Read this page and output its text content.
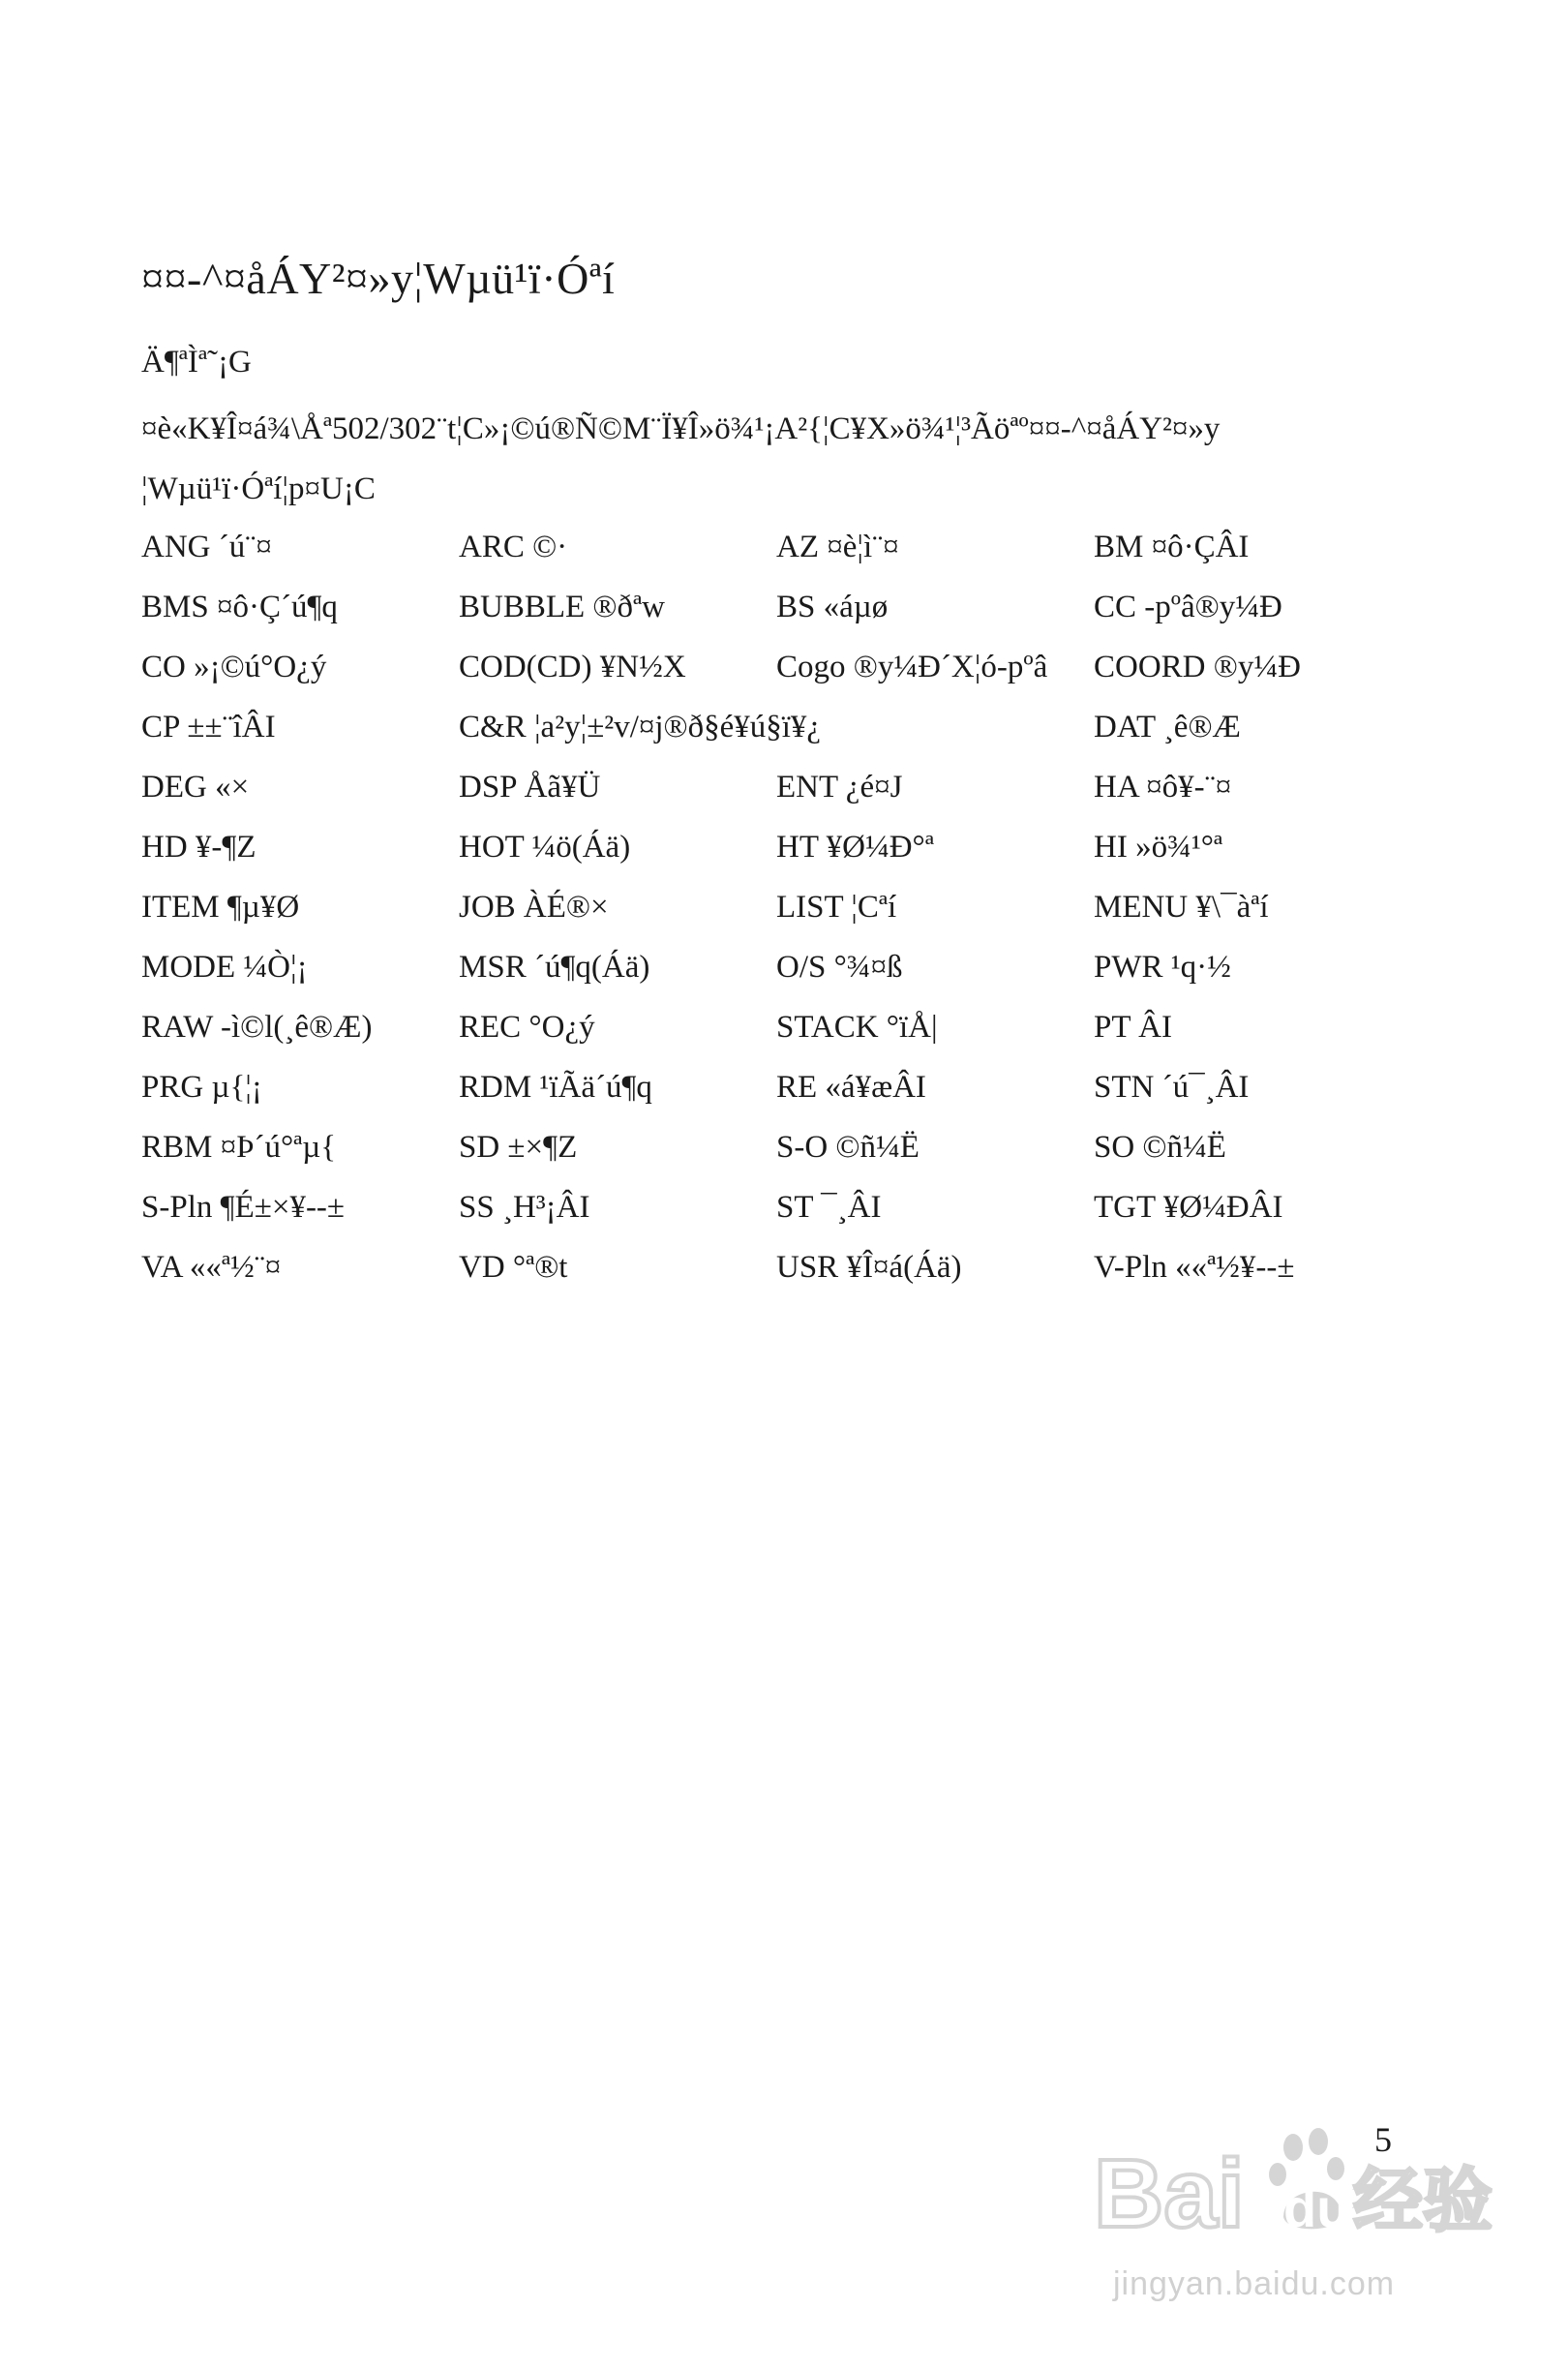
¤¤-^¤åÁY²¤»y¦Wµü¹ï·Óªí
Ä¶ªÌª˜¡G
¤è«K¥Î¤á¾\Åª502/302¨t¦C»¡©ú®Ñ©M¨Ï¥Î»ö¾¹¡A²{¦C¥X»ö¾¹¦³Ãöªº¤¤-^¤åÁY²¤»y
¦Wµü¹ï·Óªí¦p¤U¡C
ANG ´ú¨¤	ARC ©·	AZ ¤è¦ì¨¤	BM ¤ô·ÇÂI
BMS ¤ô·Ç´ú¶q	BUBBLE ®ðªw	BS «áµø	CC -pºâ®y¼Ð
CO »¡©ú°O¿ý	COD(CD) ¥N½X	Cogo ®y¼Ð´X¦ó-pºâ	COORD ®y¼Ð
CP ±±¨îÂI	C&R ¦a²y¦±²v/¤j®ð§é¥ú§ï¥¿	DAT ¸ê®Æ
DEG «×	DSP Åã¥Ü	ENT ¿é¤J	HA ¤ô¥-¨¤
HD ¥-¶Z	HOT ¼ö(Áä)	HT ¥Ø¼Ð°ª	HI »ö¾¹°ª
ITEM ¶µ¥Ø	JOB ÀÉ®×	LIST ¦Cªí	MENU ¥\¯àªí
MODE ¼Ò¦¡	MSR ´ú¶q(Áä)	O/S °¾¤ß	PWR ¹q·½
RAW -ì©l(¸ê®Æ)	REC °O¿ý	STACK °ïÅ|	PT ÂI
PRG µ{¦¡	RDM ¹ïÃä´ú¶q	RE «á¥æÂI	STN ´ú¯¸ÂI
RBM ¤Þ´ú°ªµ{	SD ±×¶Z	S-O ©ñ¼Ë	SO ©ñ¼Ë
S-Pln ¶É±×¥--±	SS ¸H³¡ÂI	ST ¯¸ÂI	TGT ¥Ø¼ÐÂI
VA ««ª½¨¤	VD °ª®t	USR ¥Î¤á(Áä)	V-Pln ««ª½¥--±
5
Bai du 经验
jingyan.baidu.com
